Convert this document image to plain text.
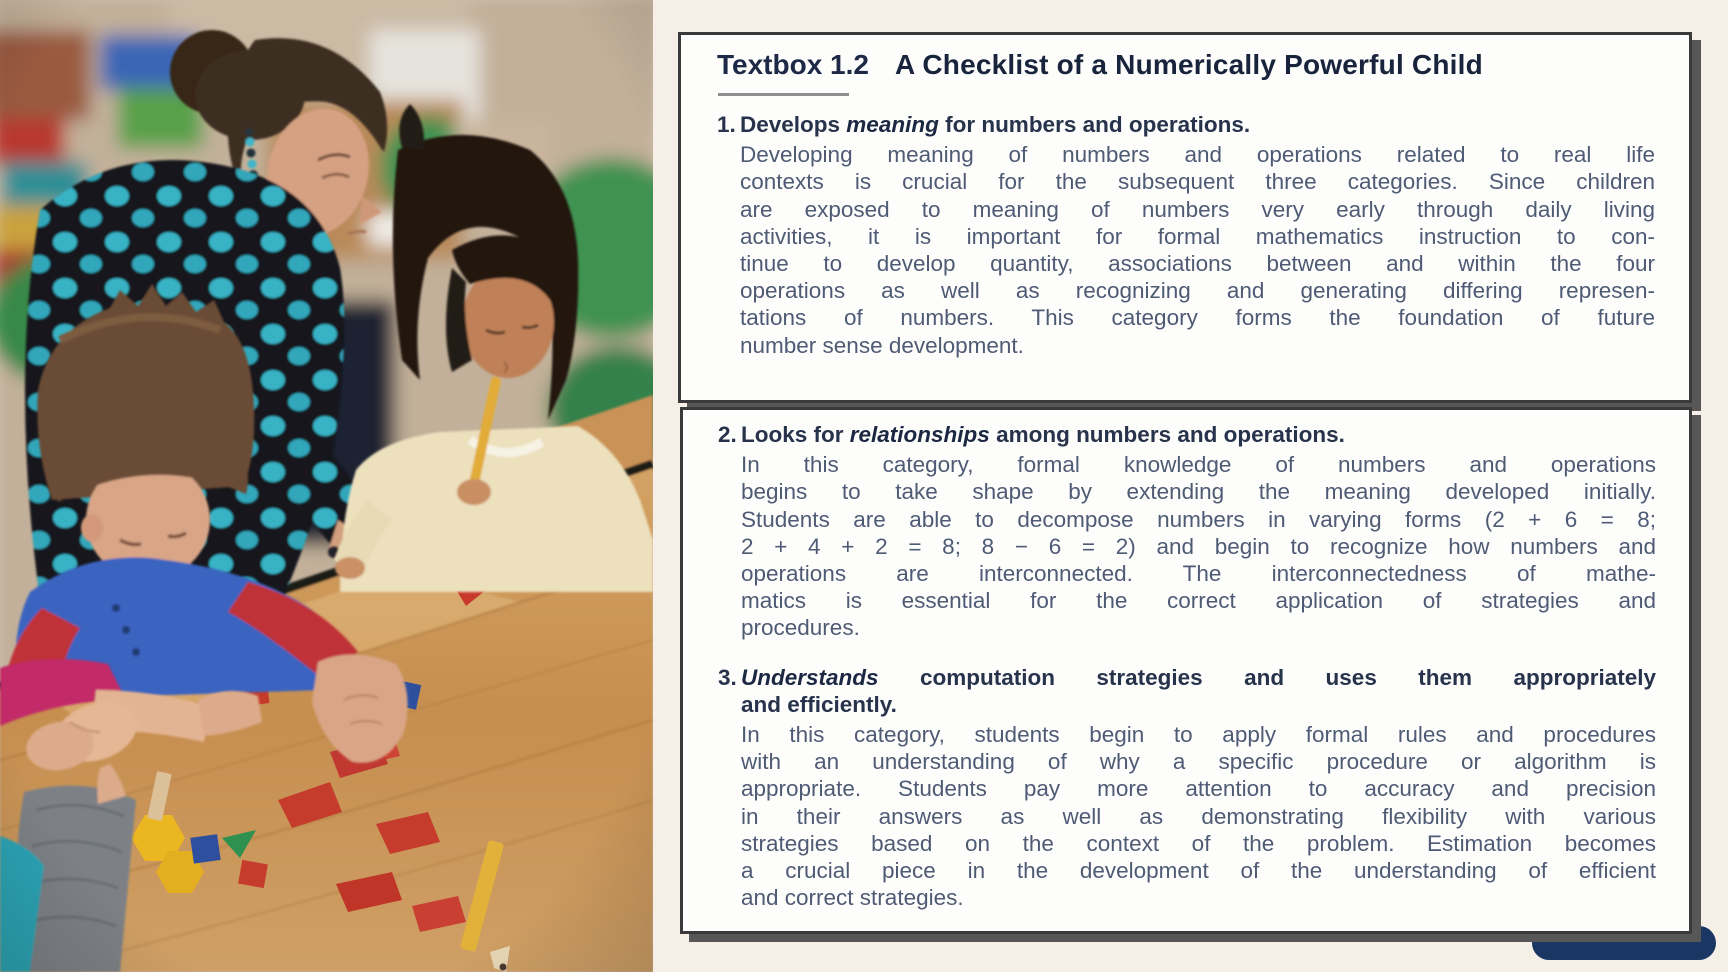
Textbox 1.2 A Checklist of a Numerically Powerful Child
1. Develops meaning for numbers and operations.
Developing meaning of numbers and operations related to real life
contexts is crucial for the subsequent three categories. Since children
are exposed to meaning of numbers very early through daily living
activities, it is important for formal mathematics instruction to con-
tinue to develop quantity, associations between and within the four
operations as well as recognizing and generating differing represen-
tations of numbers. This category forms the foundation of future
number sense development.
2. Looks for relationships among numbers and operations.
In this category, formal knowledge of numbers and operations
begins to take shape by extending the meaning developed initially.
Students are able to decompose numbers in varying forms (2 + 6 = 8;
2 + 4 + 2 = 8; 8 − 6 = 2) and begin to recognize how numbers and
operations are interconnected. The interconnectedness of mathe-
matics is essential for the correct application of strategies and
procedures.
3. Understands computation strategies and uses them appropriately
and efficiently.
In this category, students begin to apply formal rules and procedures
with an understanding of why a specific procedure or algorithm is
appropriate. Students pay more attention to accuracy and precision
in their answers as well as demonstrating flexibility with various
strategies based on the context of the problem. Estimation becomes
a crucial piece in the development of the understanding of efficient
and correct strategies.
